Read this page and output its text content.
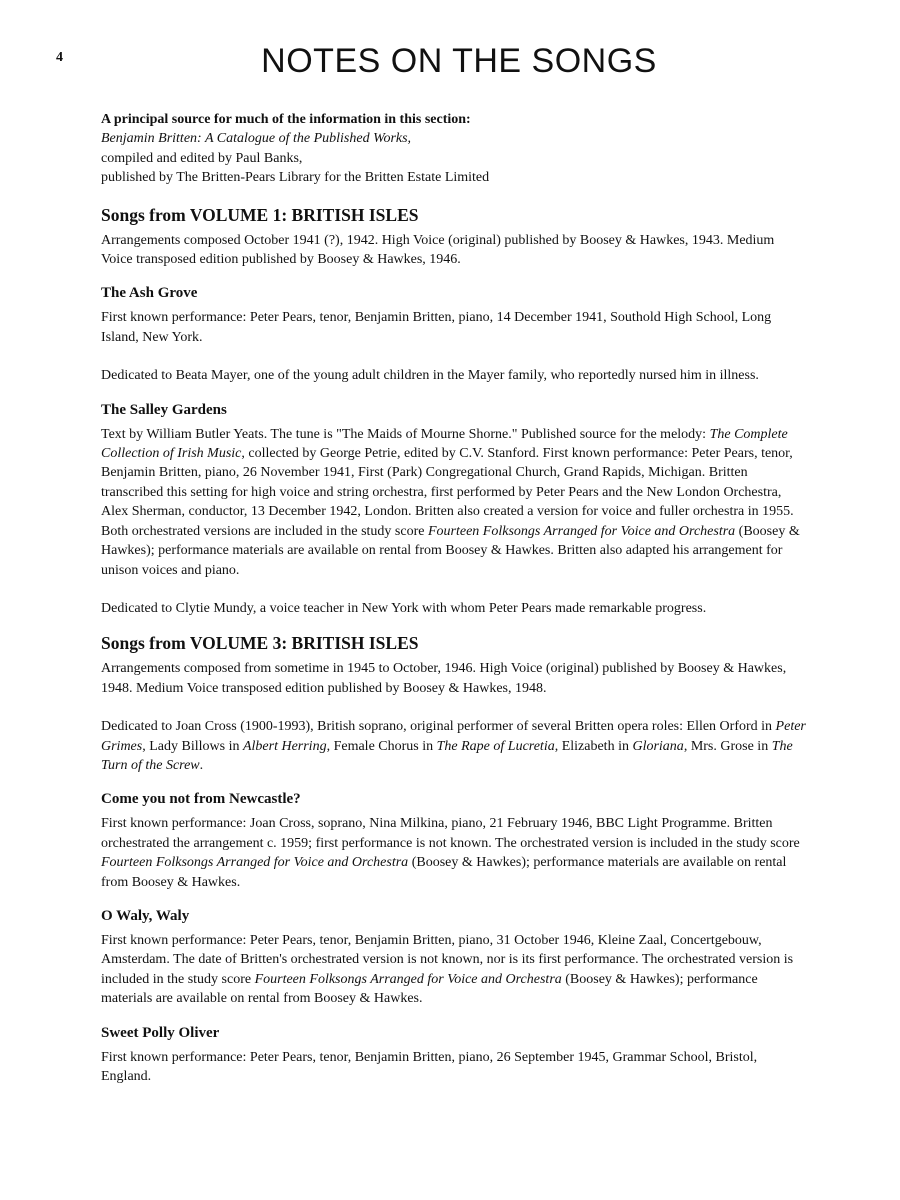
4	NOTES ON THE SONGS
A principal source for much of the information in this section:
Benjamin Britten: A Catalogue of the Published Works,
compiled and edited by Paul Banks,
published by The Britten-Pears Library for the Britten Estate Limited
Songs from VOLUME 1: BRITISH ISLES

Arrangements composed October 1941 (?), 1942. High Voice (original) published by Boosey & Hawkes, 1943. Medium Voice transposed edition published by Boosey & Hawkes, 1946.

The Ash Grove

First known performance: Peter Pears, tenor, Benjamin Britten, piano, 14 December 1941, Southold High School, Long Island, New York.

Dedicated to Beata Mayer, one of the young adult children in the Mayer family, who reportedly nursed him in illness.

The Salley Gardens

Text by William Butler Yeats. The tune is "The Maids of Mourne Shorne." Published source for the melody: The Complete Collection of Irish Music, collected by George Petrie, edited by C.V. Stanford. First known performance: Peter Pears, tenor, Benjamin Britten, piano, 26 November 1941, First (Park) Congregational Church, Grand Rapids, Michigan. Britten transcribed this setting for high voice and string orchestra, first performed by Peter Pears and the New London Orchestra, Alex Sherman, conductor, 13 December 1942, London. Britten also created a version for voice and fuller orchestra in 1955. Both orchestrated versions are included in the study score Fourteen Folksongs Arranged for Voice and Orchestra (Boosey & Hawkes); performance materials are available on rental from Boosey & Hawkes. Britten also adapted his arrangement for unison voices and piano.

Dedicated to Clytie Mundy, a voice teacher in New York with whom Peter Pears made remarkable progress.

Songs from VOLUME 3: BRITISH ISLES

Arrangements composed from sometime in 1945 to October, 1946. High Voice (original) published by Boosey & Hawkes, 1948. Medium Voice transposed edition published by Boosey & Hawkes, 1948.

Dedicated to Joan Cross (1900-1993), British soprano, original performer of several Britten opera roles: Ellen Orford in Peter Grimes, Lady Billows in Albert Herring, Female Chorus in The Rape of Lucretia, Elizabeth in Gloriana, Mrs. Grose in The Turn of the Screw.

Come you not from Newcastle?

First known performance: Joan Cross, soprano, Nina Milkina, piano, 21 February 1946, BBC Light Programme. Britten orchestrated the arrangement c. 1959; first performance is not known. The orchestrated version is included in the study score Fourteen Folksongs Arranged for Voice and Orchestra (Boosey & Hawkes); performance materials are available on rental from Boosey & Hawkes.

O Waly, Waly

First known performance: Peter Pears, tenor, Benjamin Britten, piano, 31 October 1946, Kleine Zaal, Concertgebouw, Amsterdam. The date of Britten's orchestrated version is not known, nor is its first performance. The orchestrated version is included in the study score Fourteen Folksongs Arranged for Voice and Orchestra (Boosey & Hawkes); performance materials are available on rental from Boosey & Hawkes.

Sweet Polly Oliver

First known performance: Peter Pears, tenor, Benjamin Britten, piano, 26 September 1945, Grammar School, Bristol, England.
